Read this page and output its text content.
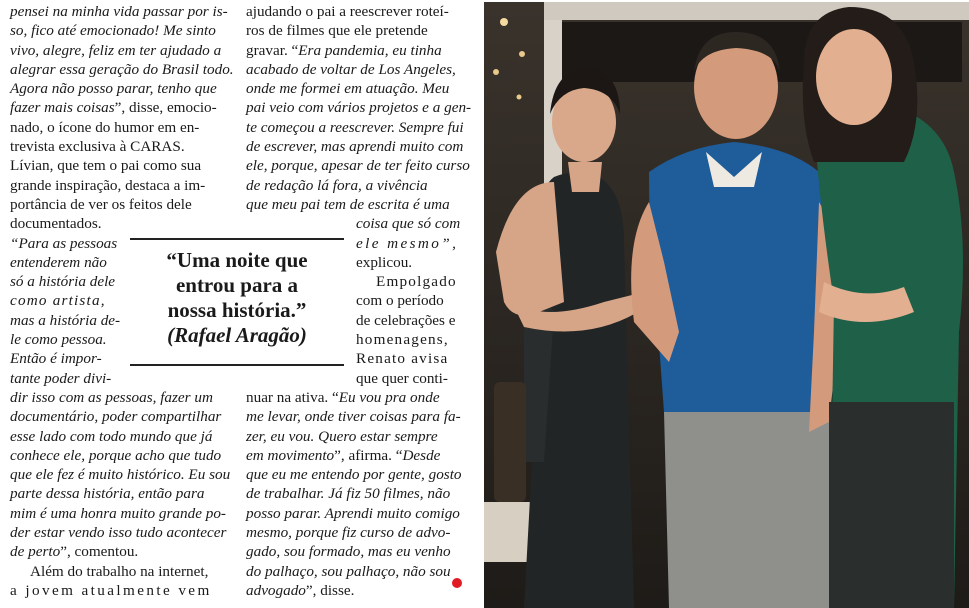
pensei na minha vida passar por is-
so, fico até emocionado! Me sinto
vivo, alegre, feliz em ter ajudado a
alegrar essa geração do Brasil todo.
Agora não posso parar, tenho que
fazer mais coisas”, disse, emocio-
nado, o ícone do humor em en-
trevista exclusiva à CARAS.
Lívian, que tem o pai como sua
grande inspiração, destaca a im-
portância de ver os feitos dele
documentados.
“Para as pessoas
entenderem não
só a história dele
como artista,
mas a história de-
le como pessoa.
Então é impor-
tante poder divi-
dir isso com as pessoas, fazer um
documentário, poder compartilhar
esse lado com todo mundo que já
conhece ele, porque acho que tudo
que ele fez é muito histórico. Eu sou
parte dessa história, então para
mim é uma honra muito grande po-
der estar vendo isso tudo acontecer
de perto”, comentou.
Além do trabalho na internet,
a jovem atualmente vem
ajudando o pai a reescrever roteí-
ros de filmes que ele pretende
gravar. “Era pandemia, eu tinha
acabado de voltar de Los Angeles,
onde me formei em atuação. Meu
pai veio com vários projetos e a gen-
te começou a reescrever. Sempre fui
de escrever, mas aprendi muito com
ele, porque, apesar de ter feito curso
de redação lá fora, a vivência
que meu pai tem de escrita é uma
coisa que só com
ele mesmo”,
explicou.
Empolgado
com o período
de celebrações e
homenagens,
Renato avisa
que quer conti-
nuar na ativa. “Eu vou pra onde
me levar, onde tiver coisas para fa-
zer, eu vou. Quero estar sempre
em movimento”, afirma. “Desde
que eu me entendo por gente, gosto
de trabalhar. Já fiz 50 filmes, não
posso parar. Aprendi muito comigo
mesmo, porque fiz curso de advo-
gado, sou formado, mas eu venho
do palhaço, sou palhaço, não sou
advogado”, disse.
“Uma noite que
entrou para a
nossa história.”
(Rafael Aragão)
